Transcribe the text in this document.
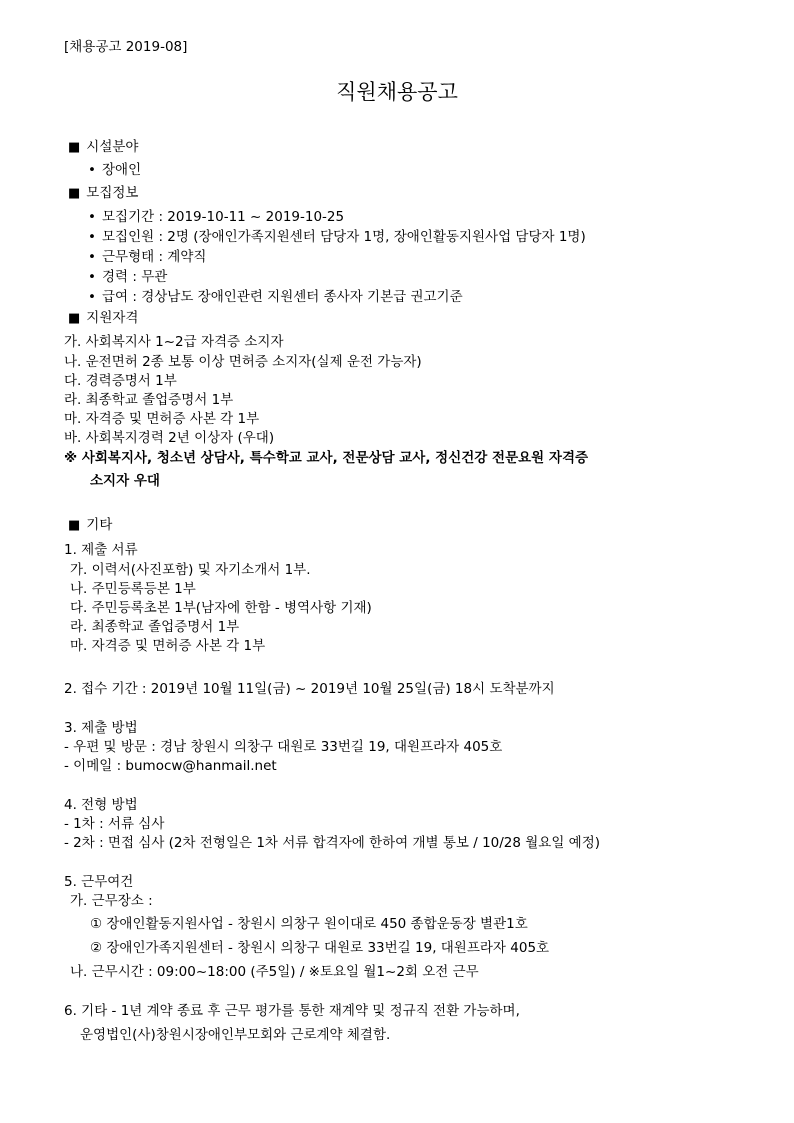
[채용공고 2019-08]
직원채용공고
■ 시설분야
• 장애인
■ 모집정보
• 모집기간 : 2019-10-11 ~ 2019-10-25
• 모집인원 : 2명 (장애인가족지원센터 담당자 1명, 장애인활동지원사업 담당자 1명)
• 근무형태 : 계약직
• 경력 : 무관
• 급여 : 경상남도 장애인관련 지원센터 종사자 기본급 권고기준
■ 지원자격
가. 사회복지사 1~2급 자격증 소지자
나. 운전면허 2종 보통 이상 면허증 소지자(실제 운전 가능자)
다. 경력증명서 1부
라. 최종학교 졸업증명서 1부
마. 자격증 및 면허증 사본 각 1부
바. 사회복지경력 2년 이상자 (우대)
※ 사회복지사, 청소년 상담사, 특수학교 교사, 전문상담 교사, 정신건강 전문요원 자격증
소지자 우대
■ 기타
1. 제출 서류
가. 이력서(사진포함) 및 자기소개서 1부.
나. 주민등록등본 1부
다. 주민등록초본 1부(남자에 한함 - 병역사항 기재)
라. 최종학교 졸업증명서 1부
마. 자격증 및 면허증 사본 각 1부
2. 접수 기간 : 2019년 10월 11일(금) ~ 2019년 10월 25일(금) 18시 도착분까지
3. 제출 방법
- 우편 및 방문 : 경남 창원시 의창구 대원로 33번길 19, 대원프라자 405호
- 이메일 : bumocw@hanmail.net
4. 전형 방법
- 1차 : 서류 심사
- 2차 : 면접 심사 (2차 전형일은 1차 서류 합격자에 한하여 개별 통보 / 10/28 월요일 예정)
5. 근무여건
가. 근무장소 :
① 장애인활동지원사업 - 창원시 의창구 원이대로 450 종합운동장 별관1호
② 장애인가족지원센터 - 창원시 의창구 대원로 33번길 19, 대원프라자 405호
나. 근무시간 : 09:00~18:00 (주5일) / ※토요일 월1~2회 오전 근무
6. 기타 - 1년 계약 종료 후 근무 평가를 통한 재계약 및 정규직 전환 가능하며,
운영법인(사)창원시장애인부모회와 근로계약 체결함.
